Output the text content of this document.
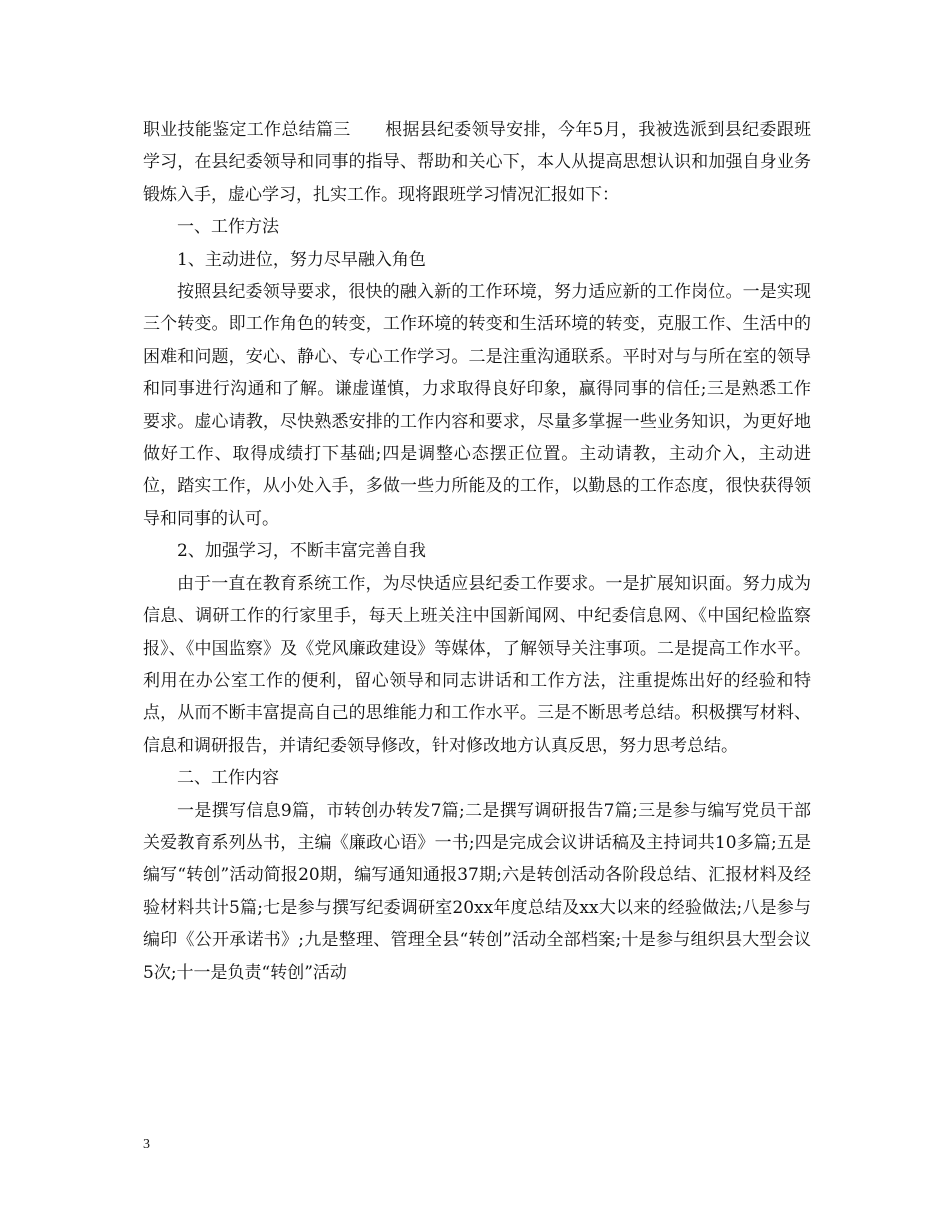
职业技能鉴定工作总结篇三　　根据县纪委领导安排，今年5月，我被选派到县纪委跟班学习，在县纪委领导和同事的指导、帮助和关心下，本人从提高思想认识和加强自身业务锻炼入手，虚心学习，扎实工作。现将跟班学习情况汇报如下：

一、工作方法

1、主动进位，努力尽早融入角色

按照县纪委领导要求，很快的融入新的工作环境，努力适应新的工作岗位。一是实现三个转变。即工作角色的转变，工作环境的转变和生活环境的转变，克服工作、生活中的困难和问题，安心、静心、专心工作学习。二是注重沟通联系。平时对与与所在室的领导和同事进行沟通和了解。谦虚谨慎，力求取得良好印象，赢得同事的信任;三是熟悉工作要求。虚心请教，尽快熟悉安排的工作内容和要求，尽量多掌握一些业务知识，为更好地做好工作、取得成绩打下基础;四是调整心态摆正位置。主动请教，主动介入，主动进位，踏实工作，从小处入手，多做一些力所能及的工作，以勤恳的工作态度，很快获得领导和同事的认可。

2、加强学习，不断丰富完善自我

由于一直在教育系统工作，为尽快适应县纪委工作要求。一是扩展知识面。努力成为信息、调研工作的行家里手，每天上班关注中国新闻网、中纪委信息网、《中国纪检监察报》、《中国监察》及《党风廉政建设》等媒体，了解领导关注事项。二是提高工作水平。利用在办公室工作的便利，留心领导和同志讲话和工作方法，注重提炼出好的经验和特点，从而不断丰富提高自己的思维能力和工作水平。三是不断思考总结。积极撰写材料、信息和调研报告，并请纪委领导修改，针对修改地方认真反思，努力思考总结。

二、工作内容

一是撰写信息9篇，市转创办转发7篇;二是撰写调研报告7篇;三是参与编写党员干部关爱教育系列丛书，主编《廉政心语》一书;四是完成会议讲话稿及主持词共10多篇;五是编写“转创”活动简报20期，编写通知通报37期;六是转创活动各阶段总结、汇报材料及经验材料共计5篇;七是参与撰写纪委调研室20xx年度总结及xx大以来的经验做法;八是参与编印《公开承诺书》;九是整理、管理全县“转创”活动全部档案;十是参与组织县大型会议5次;十一是负责“转创”活动

3
